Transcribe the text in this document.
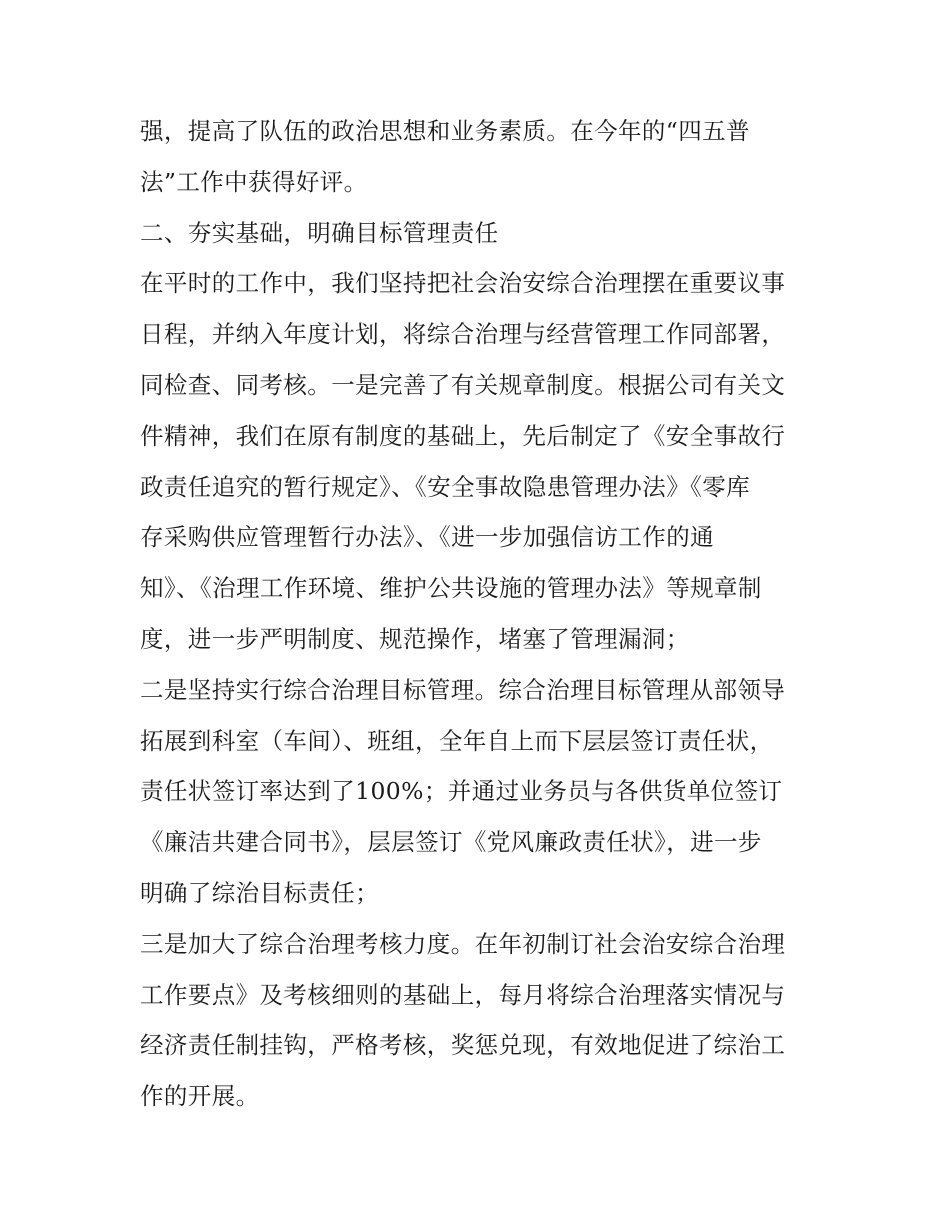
强，提高了队伍的政治思想和业务素质。在今年的“四五普
法”工作中获得好评。
二、夯实基础，明确目标管理责任
在平时的工作中，我们坚持把社会治安综合治理摆在重要议事
日程，并纳入年度计划，将综合治理与经营管理工作同部署，
同检查、同考核。一是完善了有关规章制度。根据公司有关文
件精神，我们在原有制度的基础上，先后制定了《安全事故行
政责任追究的暂行规定》、《安全事故隐患管理办法》《零库
存采购供应管理暂行办法》、《进一步加强信访工作的通
知》、《治理工作环境、维护公共设施的管理办法》等规章制
度，进一步严明制度、规范操作，堵塞了管理漏洞；
二是坚持实行综合治理目标管理。综合治理目标管理从部领导
拓展到科室（车间）、班组，全年自上而下层层签订责任状，
责任状签订率达到了100%；并通过业务员与各供货单位签订
《廉洁共建合同书》，层层签订《党风廉政责任状》，进一步
明确了综治目标责任；
三是加大了综合治理考核力度。在年初制订社会治安综合治理
工作要点》及考核细则的基础上，每月将综合治理落实情况与
经济责任制挂钩，严格考核，奖惩兑现，有效地促进了综治工
作的开展。
